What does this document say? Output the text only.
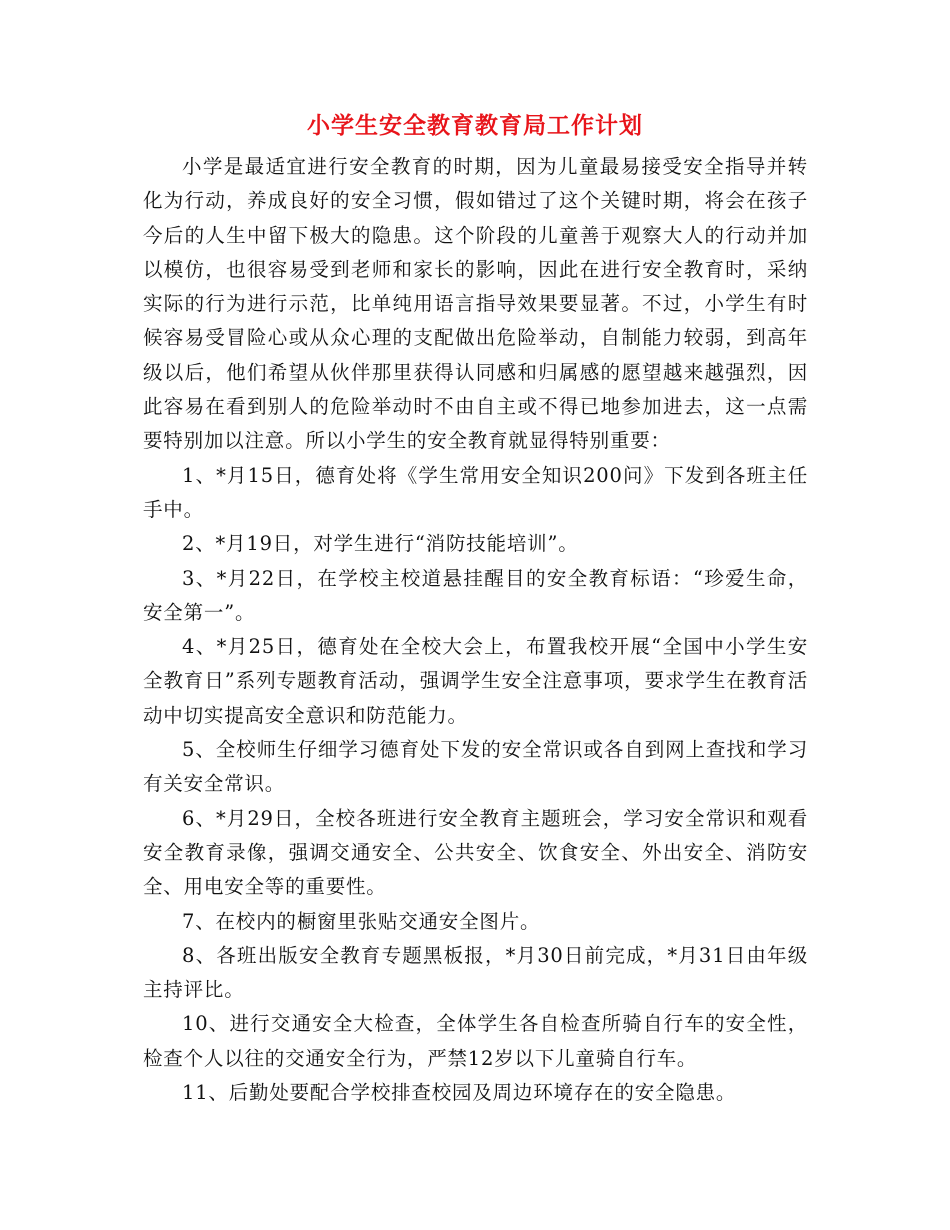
小学生安全教育教育局工作计划

小学是最适宜进行安全教育的时期，因为儿童最易接受安全指导并转化为行动，养成良好的安全习惯，假如错过了这个关键时期，将会在孩子今后的人生中留下极大的隐患。这个阶段的儿童善于观察大人的行动并加以模仿，也很容易受到老师和家长的影响，因此在进行安全教育时，采纳实际的行为进行示范，比单纯用语言指导效果要显著。不过，小学生有时候容易受冒险心或从众心理的支配做出危险举动，自制能力较弱，到高年级以后，他们希望从伙伴那里获得认同感和归属感的愿望越来越强烈，因此容易在看到别人的危险举动时不由自主或不得已地参加进去，这一点需要特别加以注意。所以小学生的安全教育就显得特别重要：

1、*月15日，德育处将《学生常用安全知识200问》下发到各班主任手中。

2、*月19日，对学生进行“消防技能培训”。

3、*月22日，在学校主校道悬挂醒目的安全教育标语：“珍爱生命，安全第一”。

4、*月25日，德育处在全校大会上，布置我校开展“全国中小学生安全教育日”系列专题教育活动，强调学生安全注意事项，要求学生在教育活动中切实提高安全意识和防范能力。

5、全校师生仔细学习德育处下发的安全常识或各自到网上查找和学习有关安全常识。

6、*月29日，全校各班进行安全教育主题班会，学习安全常识和观看安全教育录像，强调交通安全、公共安全、饮食安全、外出安全、消防安全、用电安全等的重要性。

7、在校内的橱窗里张贴交通安全图片。

8、各班出版安全教育专题黑板报，*月30日前完成，*月31日由年级主持评比。

10、进行交通安全大检查，全体学生各自检查所骑自行车的安全性，检查个人以往的交通安全行为，严禁12岁以下儿童骑自行车。

11、后勤处要配合学校排查校园及周边环境存在的安全隐患。
